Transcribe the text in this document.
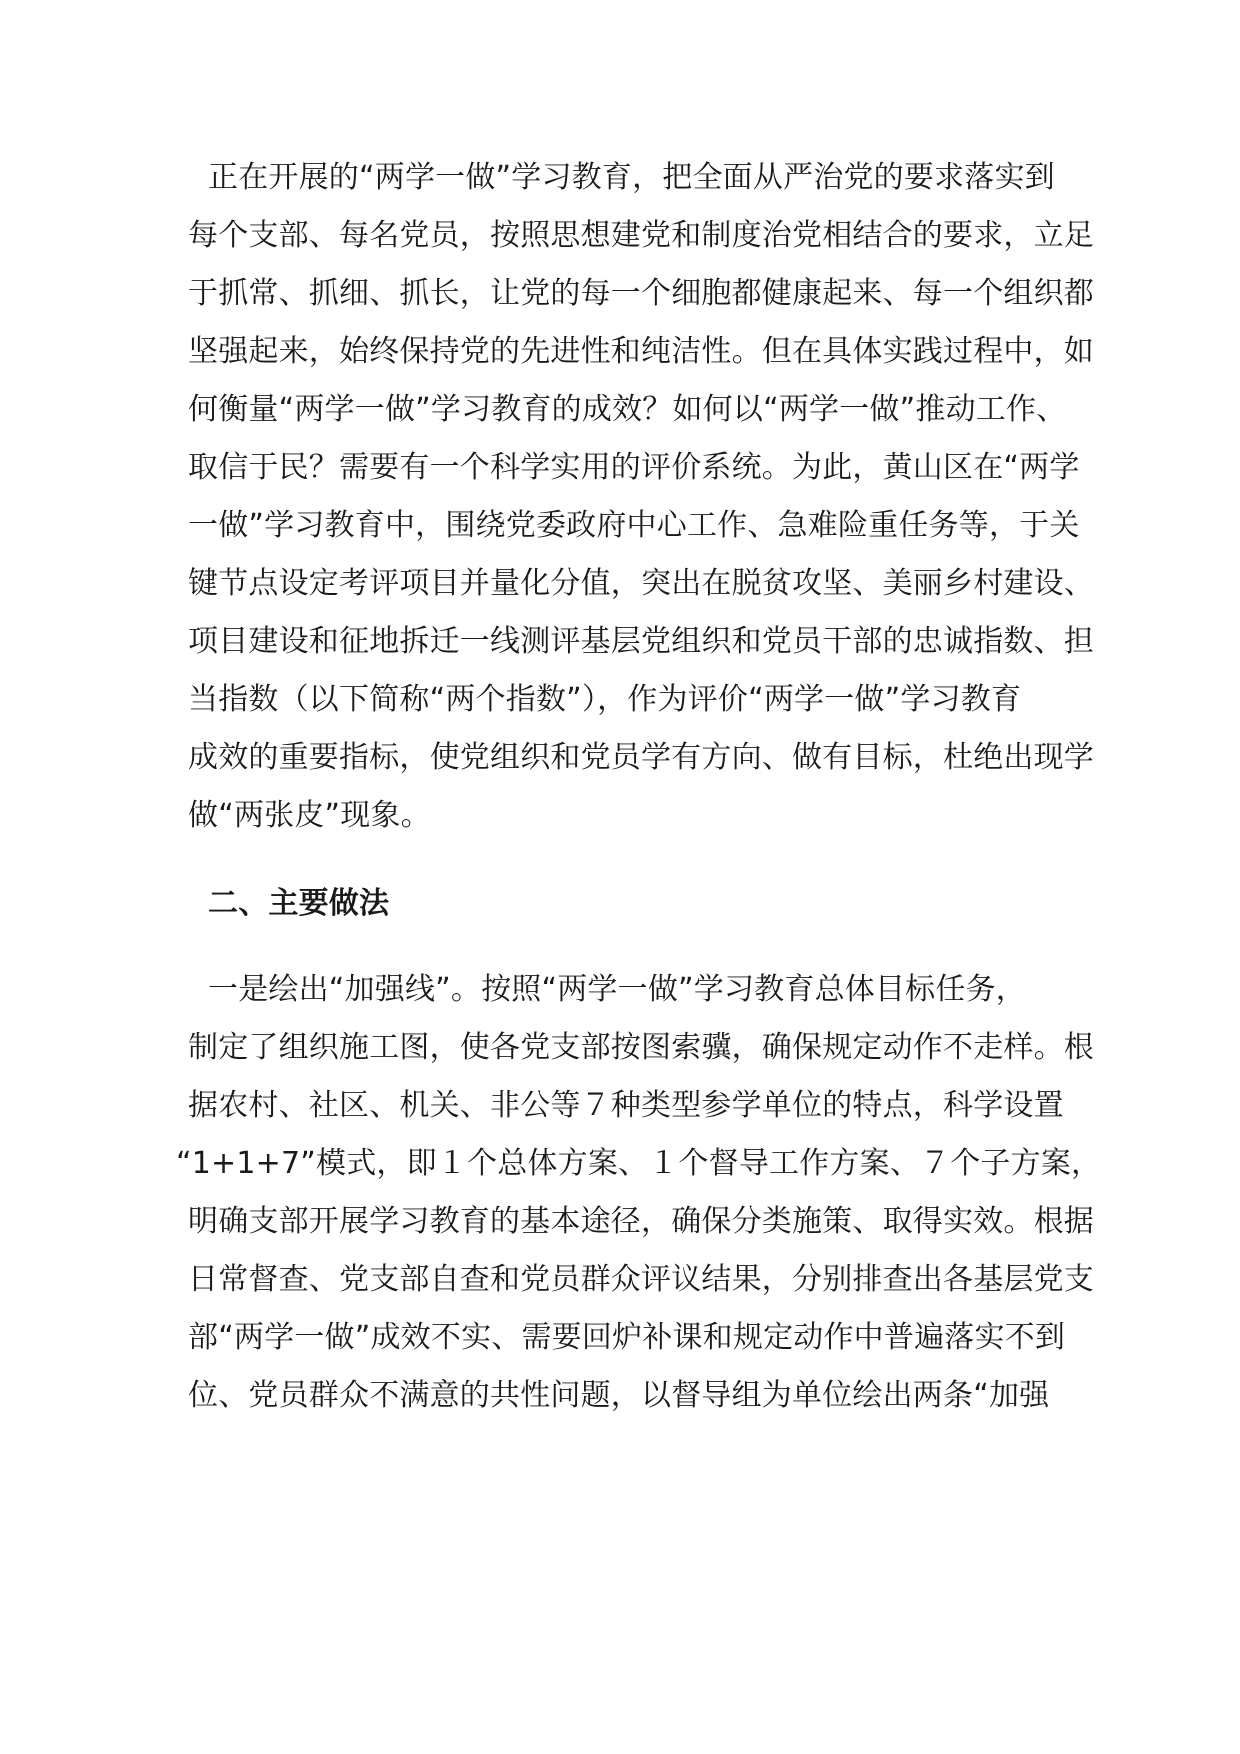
正在开展的“两学一做”学习教育，把全面从严治党的要求落实到
每个支部、每名党员，按照思想建党和制度治党相结合的要求，立足
于抓常、抓细、抓长，让党的每一个细胞都健康起来、每一个组织都
坚强起来，始终保持党的先进性和纯洁性。但在具体实践过程中，如
何衡量“两学一做”学习教育的成效？如何以“两学一做”推动工作、
取信于民？需要有一个科学实用的评价系统。为此，黄山区在“两学
一做”学习教育中，围绕党委政府中心工作、急难险重任务等，于关
键节点设定考评项目并量化分值，突出在脱贫攻坚、美丽乡村建设、
项目建设和征地拆迁一线测评基层党组织和党员干部的忠诚指数、担
当指数（以下简称“两个指数”），作为评价“两学一做”学习教育
成效的重要指标，使党组织和党员学有方向、做有目标，杜绝出现学
做“两张皮”现象。
二、主要做法
一是绘出“加强线”。按照“两学一做”学习教育总体目标任务，
制定了组织施工图，使各党支部按图索骥，确保规定动作不走样。根
据农村、社区、机关、非公等７种类型参学单位的特点，科学设置
“1+1+7”模式，即１个总体方案、１个督导工作方案、７个子方案，
明确支部开展学习教育的基本途径，确保分类施策、取得实效。根据
日常督查、党支部自查和党员群众评议结果，分别排查出各基层党支
部“两学一做”成效不实、需要回炉补课和规定动作中普遍落实不到
位、党员群众不满意的共性问题，以督导组为单位绘出两条“加强
